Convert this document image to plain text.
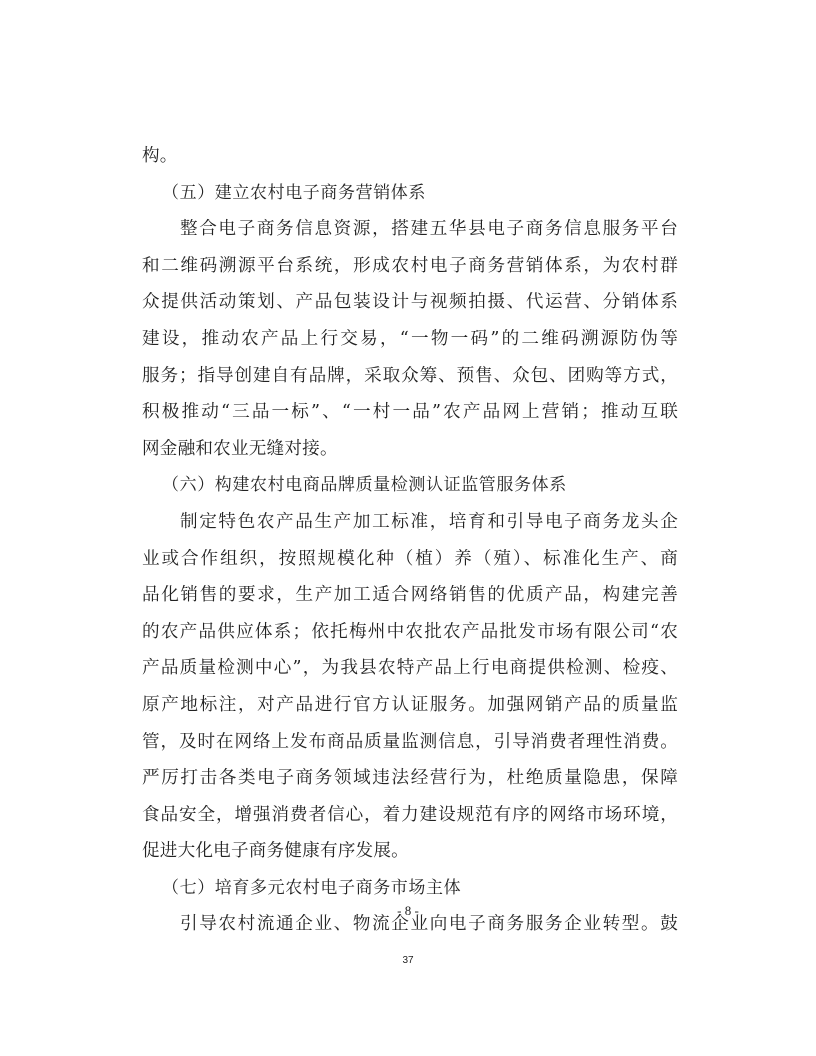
构。
（五）建立农村电子商务营销体系
整合电子商务信息资源，搭建五华县电子商务信息服务平台
和二维码溯源平台系统，形成农村电子商务营销体系，为农村群
众提供活动策划、产品包装设计与视频拍摄、代运营、分销体系
建设，推动农产品上行交易，“一物一码”的二维码溯源防伪等
服务；指导创建自有品牌，采取众筹、预售、众包、团购等方式，
积极推动“三品一标”、“一村一品”农产品网上营销；推动互联
网金融和农业无缝对接。
（六）构建农村电商品牌质量检测认证监管服务体系
制定特色农产品生产加工标准，培育和引导电子商务龙头企
业或合作组织，按照规模化种（植）养（殖）、标准化生产、商
品化销售的要求，生产加工适合网络销售的优质产品，构建完善
的农产品供应体系；依托梅州中农批农产品批发市场有限公司“农
产品质量检测中心”，为我县农特产品上行电商提供检测、检疫、
原产地标注，对产品进行官方认证服务。加强网销产品的质量监
管，及时在网络上发布商品质量监测信息，引导消费者理性消费。
严厉打击各类电子商务领域违法经营行为，杜绝质量隐患，保障
食品安全，增强消费者信心，着力建设规范有序的网络市场环境，
促进大化电子商务健康有序发展。
（七）培育多元农村电子商务市场主体
引导农村流通企业、物流企业向电子商务服务企业转型。鼓
- 8 -
37
